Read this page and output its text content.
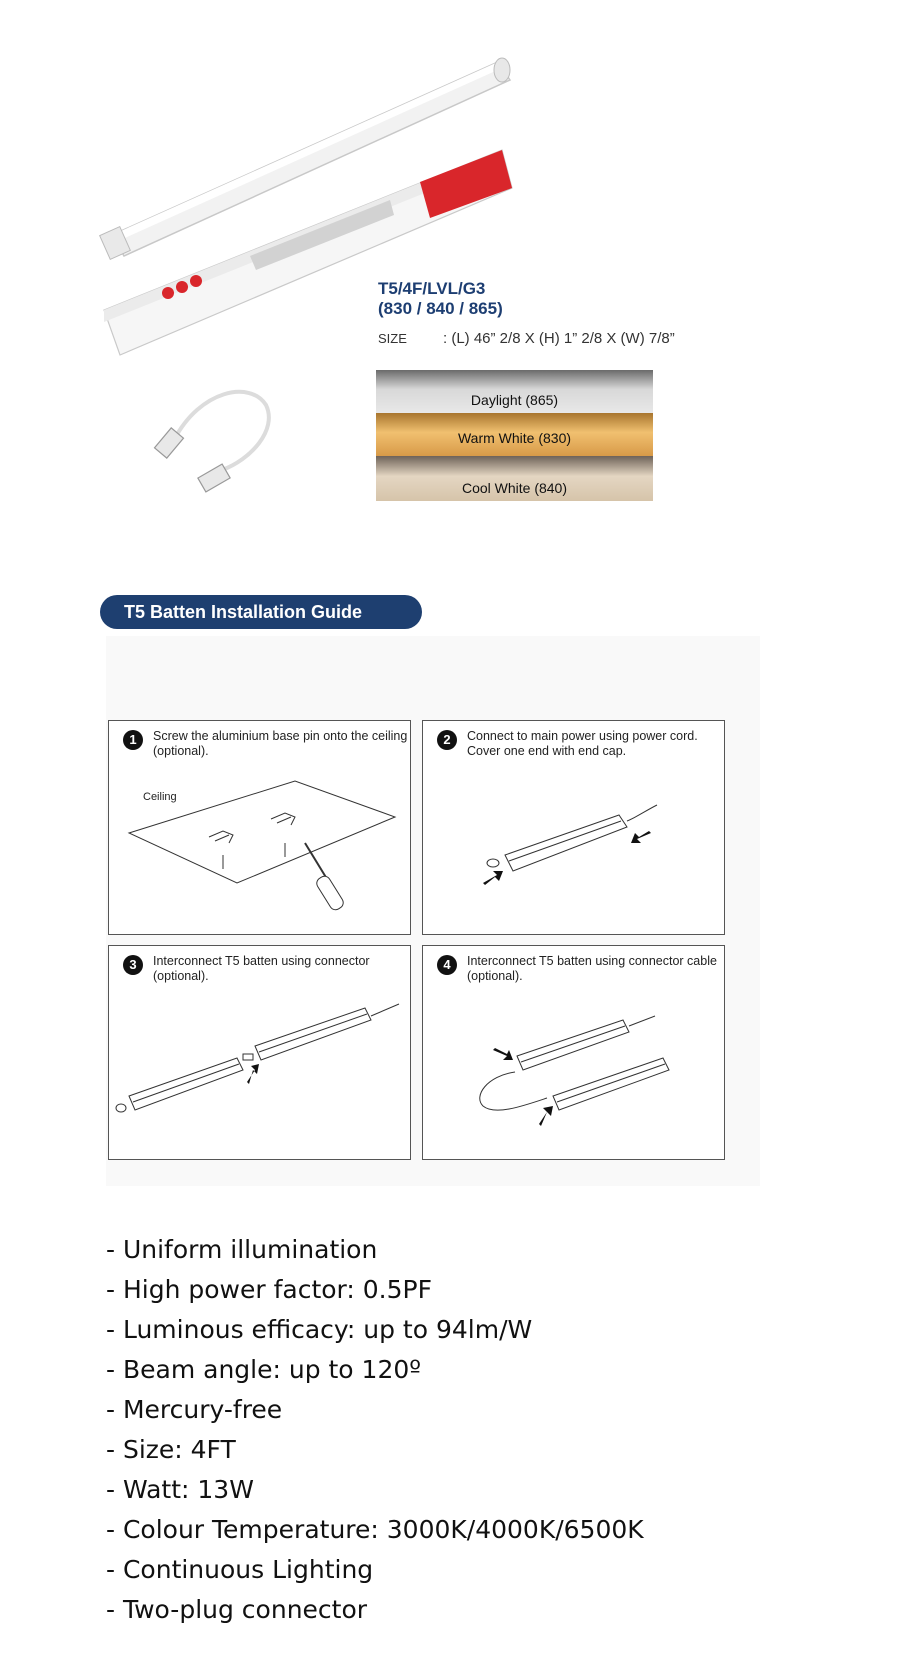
T5/4F/LVL/G3
(830 / 840 / 865)
SIZE : (L) 46” 2/8 X (H) 1” 2/8 X (W) 7/8”
Daylight (865)
Warm White (830)
Cool White (840)
T5 Batten Installation Guide
1	Screw the aluminium base pin onto the ceiling (optional).
Ceiling
2	Connect to main power using power cord. Cover one end with end cap.
3	Interconnect T5 batten using connector (optional).
4	Interconnect T5 batten using connector cable (optional).
- Uniform illumination
- High power factor: 0.5PF
- Luminous efficacy: up to 94lm/W
- Beam angle: up to 120º
- Mercury-free
- Size: 4FT
- Watt: 13W
- Colour Temperature: 3000K/4000K/6500K
- Continuous Lighting
- Two-plug connector
